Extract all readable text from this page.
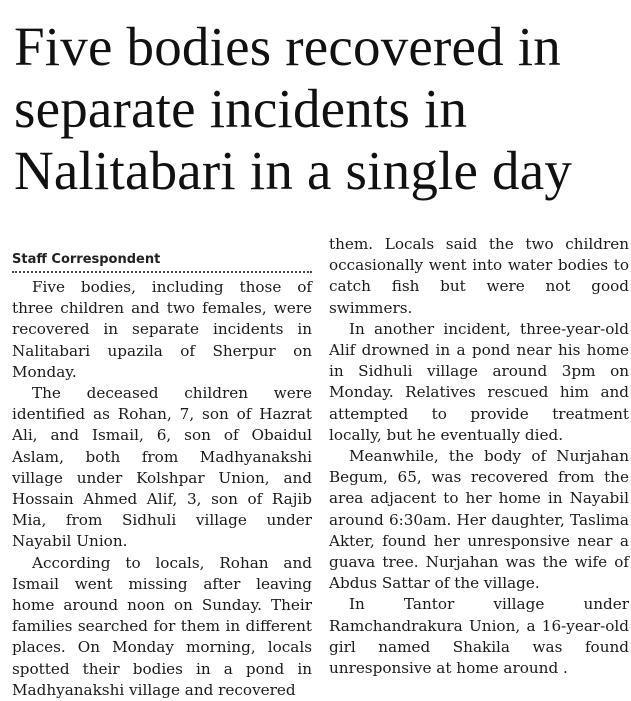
Five bodies recovered in
separate incidents in
Nalitabari in a single day
Staff Correspondent

Five bodies, including those of three children and two females, were recovered in separate incidents in Nalitabari upazila of Sherpur on Monday.

The deceased children were identified as Rohan, 7, son of Hazrat Ali, and Ismail, 6, son of Obaidul Aslam, both from Madhyanakshi village under Kolshpar Union, and Hossain Ahmed Alif, 3, son of Rajib Mia, from Sidhuli village under Nayabil Union.

According to locals, Rohan and Ismail went missing after leaving home around noon on Sunday. Their families searched for them in different places. On Monday morning, locals spotted their bodies in a pond in Madhyanakshi village and recovered

them. Locals said the two children occasionally went into water bodies to catch fish but were not good swimmers.

In another incident, three-year-old Alif drowned in a pond near his home in Sidhuli village around 3pm on Monday. Relatives rescued him and attempted to provide treatment locally, but he eventually died.

Meanwhile, the body of Nurjahan Begum, 65, was recovered from the area adjacent to her home in Nayabil around 6:30am. Her daughter, Taslima Akter, found her unresponsive near a guava tree. Nurjahan was the wife of Abdus Sattar of the village.

In Tantor village under Ramchandrakura Union, a 16-year-old girl named Shakila was found unresponsive at home around .
